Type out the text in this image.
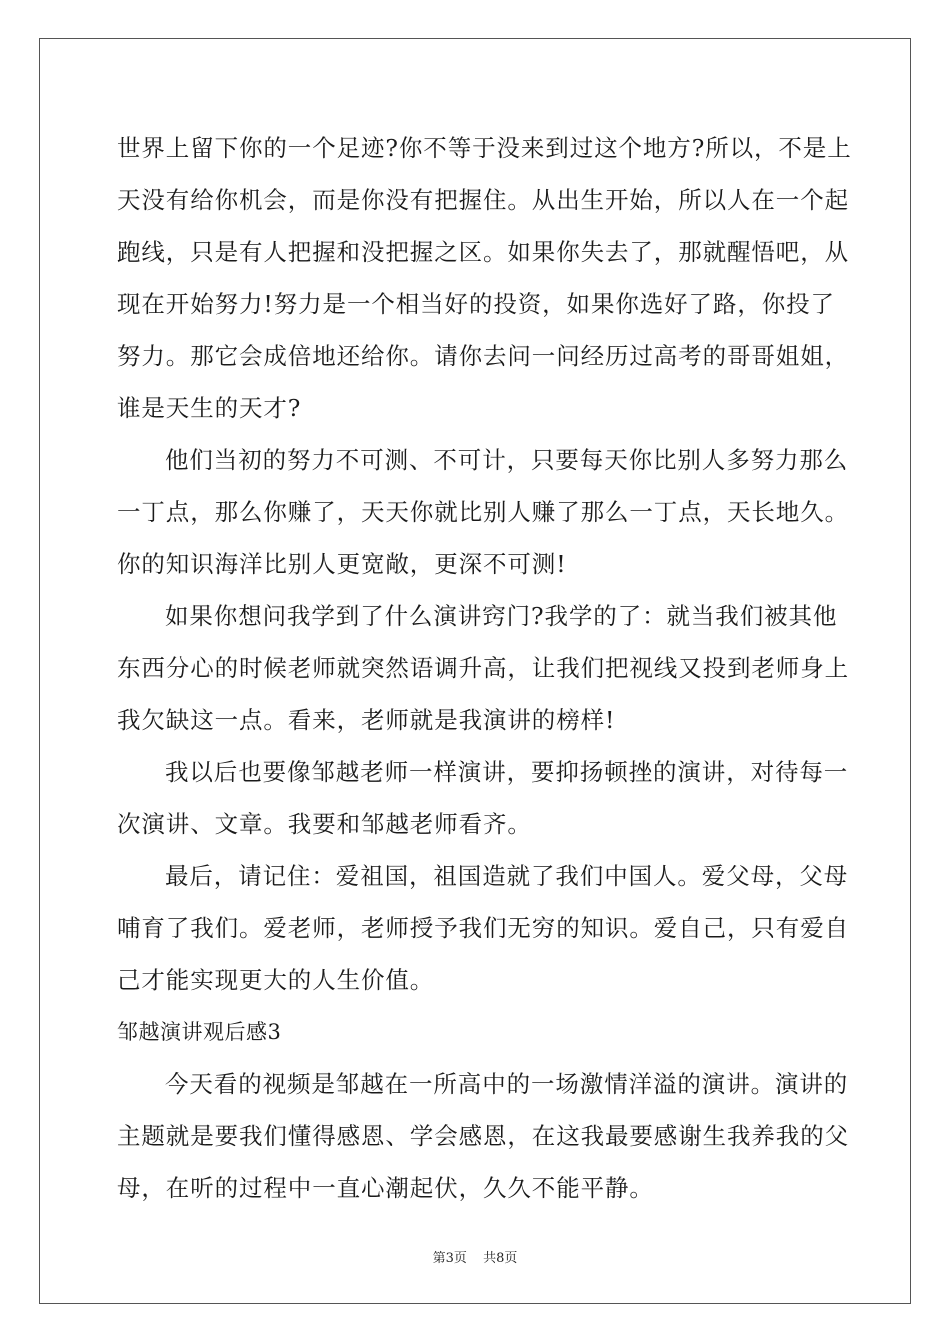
世界上留下你的一个足迹?你不等于没来到过这个地方?所以，不是上
天没有给你机会，而是你没有把握住。从出生开始，所以人在一个起
跑线，只是有人把握和没把握之区。如果你失去了，那就醒悟吧，从
现在开始努力!努力是一个相当好的投资，如果你选好了路，你投了
努力。那它会成倍地还给你。请你去问一问经历过高考的哥哥姐姐，
谁是天生的天才?
他们当初的努力不可测、不可计，只要每天你比别人多努力那么
一丁点，那么你赚了，天天你就比别人赚了那么一丁点，天长地久。
你的知识海洋比别人更宽敞，更深不可测!
如果你想问我学到了什么演讲窍门?我学的了：就当我们被其他
东西分心的时候老师就突然语调升高，让我们把视线又投到老师身上
我欠缺这一点。看来，老师就是我演讲的榜样!
我以后也要像邹越老师一样演讲，要抑扬顿挫的演讲，对待每一
次演讲、文章。我要和邹越老师看齐。
最后，请记住：爱祖国，祖国造就了我们中国人。爱父母，父母
哺育了我们。爱老师，老师授予我们无穷的知识。爱自己，只有爱自
己才能实现更大的人生价值。
邹越演讲观后感3
今天看的视频是邹越在一所高中的一场激情洋溢的演讲。演讲的
主题就是要我们懂得感恩、学会感恩，在这我最要感谢生我养我的父
母，在听的过程中一直心潮起伏，久久不能平静。
第3页 共8页
